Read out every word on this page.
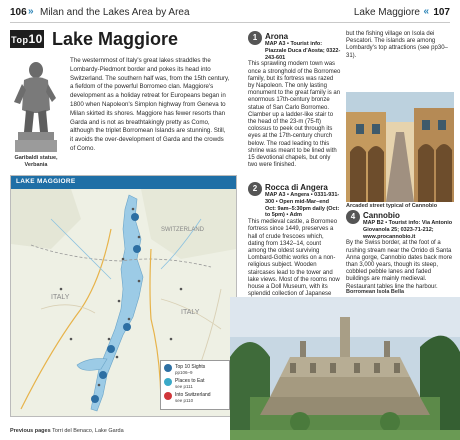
106 » Milan and the Lakes Area by Area	Lake Maggiore « 107
Top10 Lake Maggiore
Garibaldi statue, Verbania
The westernmost of Italy's great lakes straddles the Lombardy-Piedmont border and pokes its head into Switzerland. The southern half was, from the 15th century, a fiefdom of the powerful Borromeo clan. Maggiore's development as a holiday retreat for Europeans began in 1800 when Napoleon's Simplon highway from Geneva to Milan skirted its shores. Maggiore has fewer resorts than Garda and is not as breathtakingly pretty as Como, although the triplet Borromean Islands are stunning. Still, it avoids the over-development of Garda and the crowds of Como.
LAKE MAGGIORE
SWITZERLAND
ITALY
ITALY
Top 10 Sights
pp106–9
Places to Eat
see p111
Into Switzerland
see p110
Previous pages Torri del Benaco, Lake Garda
1 Arona
MAP A3 • Tourist info: Piazzale Duca d'Aosta; 0322-243-601
This sprawling modern town was once a stronghold of the Borromeo family, but its fortress was razed by Napoleon. The only lasting monument to the great family is an enormous 17th-century bronze statue of San Carlo Borromeo. Clamber up a ladder-like stair to the head of the 23-m (75-ft) colossus to peek out through its eyes at the 17th-century church below. The road leading to this shrine was meant to be lined with 15 devotional chapels, but only two were finished.
2 Rocca di Angera
MAP A3 • Angera • 0331-931-300 • Open mid-Mar–end Oct: 9am–5:30pm daily (Oct: to 5pm) • Adm
This medieval castle, a Borromeo fortress since 1449, preserves a hall of crude frescoes which, dating from 1342–14, count among the oldest surviving Lombard-Gothic works on a non-religious subject. Wooden staircases lead to the tower and lake views. Most of the rooms now house a Doll Museum, with its splendid collection of Japanese
but the fishing village on Isola dei Pescatori. The islands are among Lombardy's top attractions (see pp30–31).
Arcaded street typical of Cannobio
4 Cannobio
MAP B2 • Tourist info: Via Antonio Giovanola 25; 0323-71-212; www.procannobio.it
By the Swiss border, at the foot of a rushing stream near the Orrido di Santa Anna gorge, Cannobio dates back more than 3,000 years, though its steep, cobbled pebble lanes and faded buildings are mainly medieval. Restaurant tables line the harbour.
Borromean Isola Bella
